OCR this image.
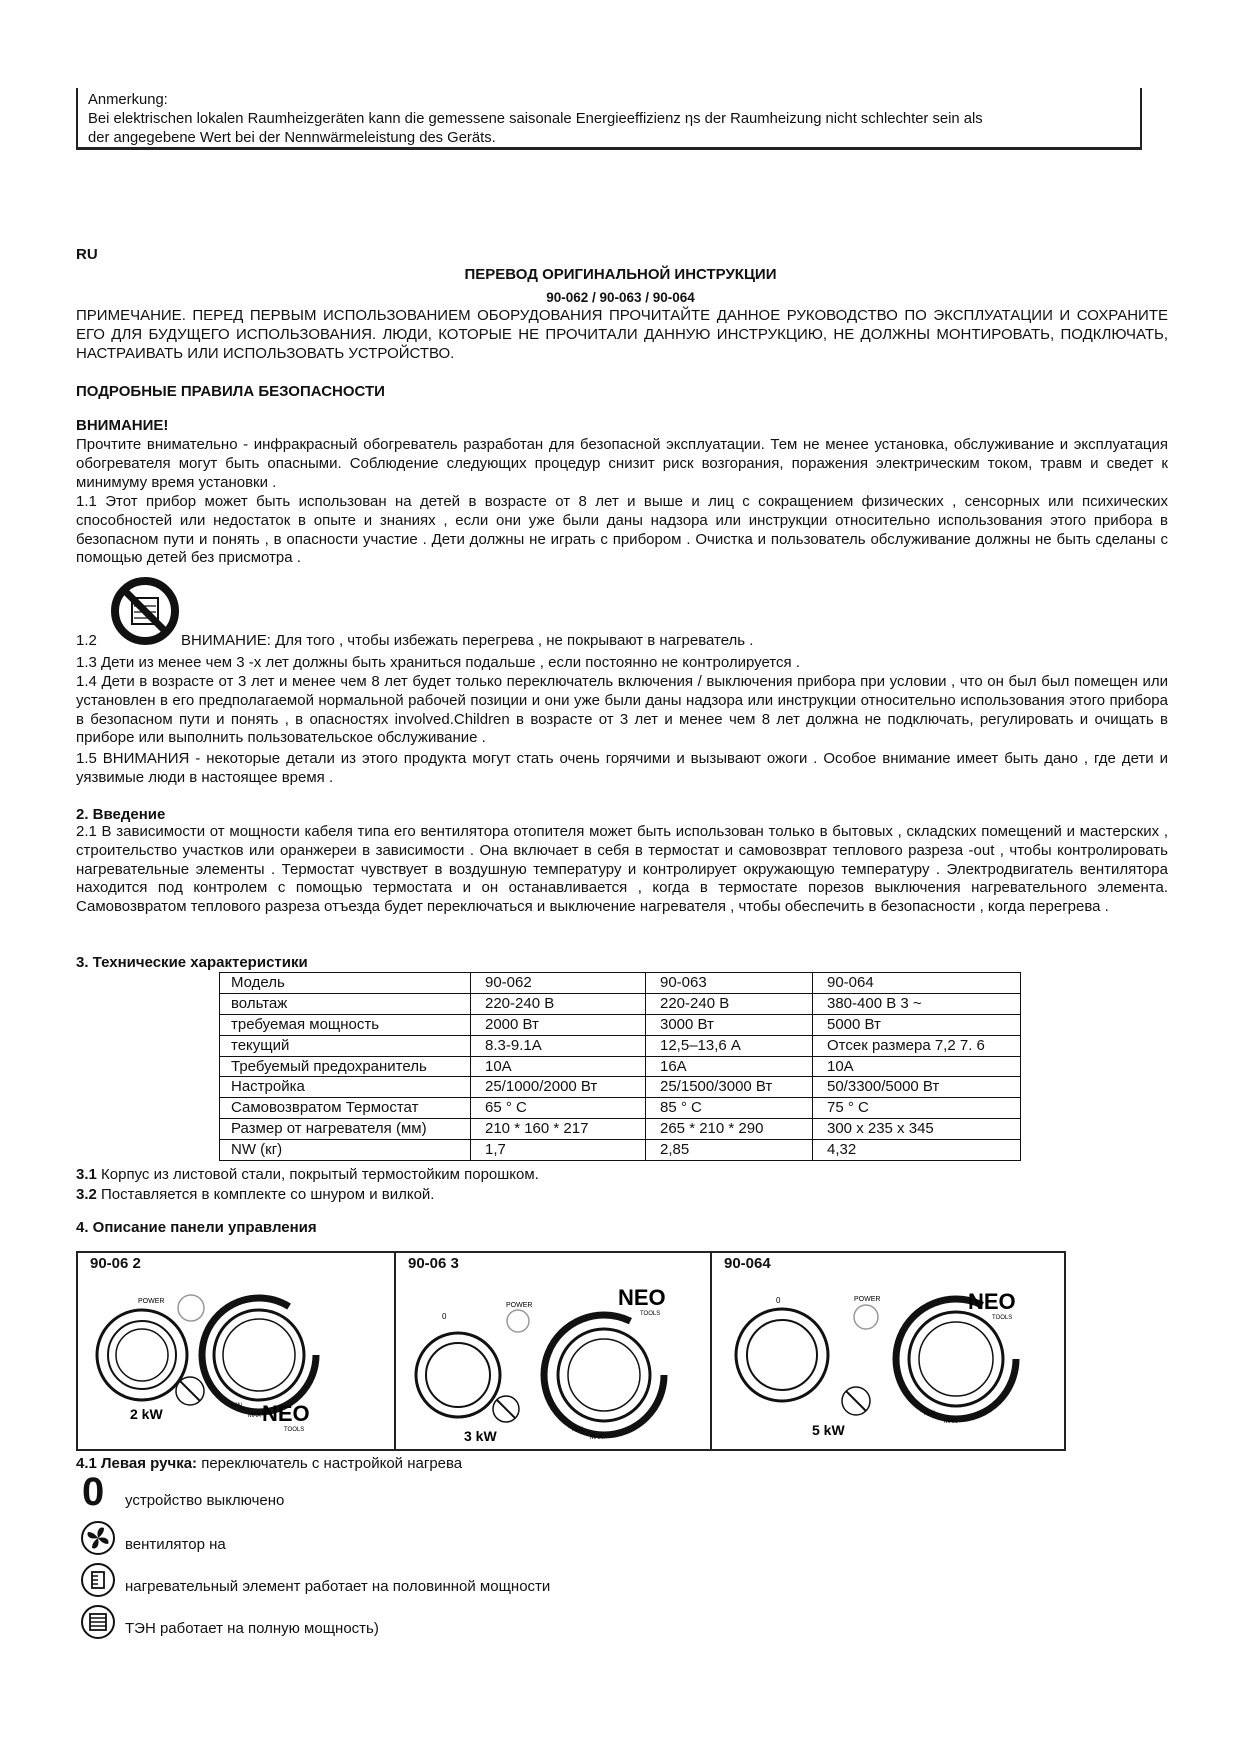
Anmerkung:
Bei elektrischen lokalen Raumheizgeräten kann die gemessene saisonale Energieeffizienz ηs der Raumheizung nicht schlechter sein als
der angegebene Wert bei der Nennwärmeleistung des Geräts.
RU
ПЕРЕВОД ОРИГИНАЛЬНОЙ ИНСТРУКЦИИ
90-062 / 90-063 / 90-064
ПРИМЕЧАНИЕ. ПЕРЕД ПЕРВЫМ ИСПОЛЬЗОВАНИЕМ ОБОРУДОВАНИЯ ПРОЧИТАЙТЕ ДАННОЕ РУКОВОДСТВО ПО ЭКСПЛУАТАЦИИ И СОХРАНИТЕ ЕГО ДЛЯ БУДУЩЕГО ИСПОЛЬЗОВАНИЯ. ЛЮДИ, КОТОРЫЕ НЕ ПРОЧИТАЛИ ДАННУЮ ИНСТРУКЦИЮ, НЕ ДОЛЖНЫ МОНТИРОВАТЬ, ПОДКЛЮЧАТЬ, НАСТРАИВАТЬ ИЛИ ИСПОЛЬЗОВАТЬ УСТРОЙСТВО.
ПОДРОБНЫЕ ПРАВИЛА БЕЗОПАСНОСТИ
ВНИМАНИЕ!
Прочтите внимательно - инфракрасный обогреватель разработан для безопасной эксплуатации. Тем не менее установка, обслуживание и эксплуатация обогревателя могут быть опасными. Соблюдение следующих процедур снизит риск возгорания, поражения электрическим током, травм и сведет к минимуму время установки .
1.1 Этот прибор может быть использован на детей в возрасте от 8 лет и выше и лиц с сокращением физических , сенсорных или психических способностей или недостаток в опыте и знаниях , если они уже были даны надзора или инструкции относительно использования этого прибора в безопасном пути и понять , в опасности участие . Дети должны не играть с прибором . Очистка и пользователь обслуживание должны не быть сделаны с помощью детей без присмотра .
1.2	ВНИМАНИЕ: Для того , чтобы избежать перегрева , не покрывают в нагреватель .
1.3 Дети из менее чем 3 -х лет должны быть храниться подальше , если постоянно не контролируется .
1.4 Дети в возрасте от 3 лет и менее чем 8 лет будет только переключатель включения / выключения прибора при условии , что он был был помещен или установлен в его предполагаемой нормальной рабочей позиции и они уже были даны надзора или инструкции относительно использования этого прибора в безопасном пути и понять , в опасностях involved.Children в возрасте от 3 лет и менее чем 8 лет должна не подключать, регулировать и очищать в приборе или выполнить пользовательское обслуживание .
1.5 ВНИМАНИЯ - некоторые детали из этого продукта могут стать очень горячими и вызывают ожоги . Особое внимание имеет быть дано , где дети и уязвимые люди в настоящее время .
2. Введение
2.1 В зависимости от мощности кабеля типа его вентилятора отопителя может быть использован только в бытовых , складских помещений и мастерских , строительство участков или оранжереи в зависимости . Она включает в себя в термостат и самовозврат теплового разреза -out , чтобы контролировать нагревательные элементы . Термостат чувствует в воздушную температуру и контролирует окружающую температуру . Электродвигатель вентилятора находится под контролем с помощью термостата и он останавливается , когда в термостате порезов выключения нагревательного элемента. Самовозвратом теплового разреза отъезда будет переключаться и выключение нагревателя , чтобы обеспечить в безопасности , когда перегрева .
3. Технические характеристики
Модель	90-062	90-063	90-064
вольтаж	220-240 В	220-240 В	380-400 В 3 ~
требуемая мощность	2000 Вт	3000 Вт	5000 Вт
текущий	8.3-9.1А	12,5–13,6 А	Отсек размера 7,2 7. 6
Требуемый предохранитель	10А	16А	10А
Настройка	25/1000/2000 Вт	25/1500/3000 Вт	50/3300/5000 Вт
Самовозвратом Термостат	65 ° C	85 ° C	75 ° C
Размер от нагревателя (мм)	210 * 160 * 217	265 * 210 * 290	300 x 235 x 345
NW (кг)	1,7	2,85	4,32
3.1 Корпус из листовой стали, покрытый термостойким порошком.
3.2 Поставляется в комплекте со шнуром и вилкой.
4. Описание панели управления
90-06 2
POWER
2 kW	NEO
TOOLS
MIN
MAX
90-06 3
POWER
0
3 kW
NEO
TOOLS
MIN
MAX
90-064
POWER
0
5 kW
NEO
TOOLS
MIN
MAX
4.1 Левая ручка: переключатель с настройкой нагрева
0 устройство выключено
вентилятор на
нагревательный элемент работает на половинной мощности
ТЭН работает на полную мощность)
